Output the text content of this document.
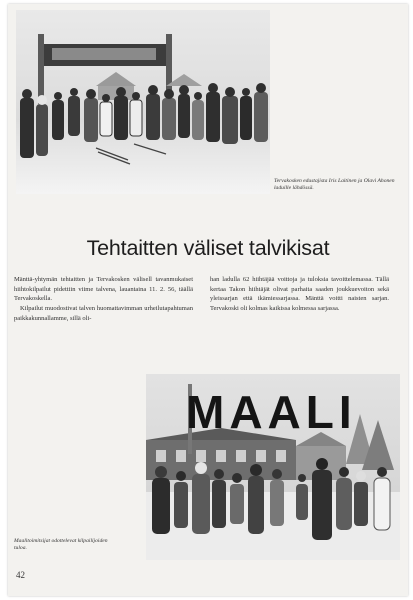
Tervakosken edustajista Iris Laitinen ja Olavi Ahonen laduille lähdössä.
Tehtaitten väliset talvikisat

Mänttä-yhtymän tehtaitten ja Tervakosken välisell tavanmukaiset hiihtokilpailut pidettiin viime talvena, lauantaina 11. 2. 56, täällä Tervakoskella.

Kilpailut muodostivat talven huomattavimman urheilutapahtuman paikkakunnallamme, sillä oli-

han ladulla 62 hiihtäjää voittoja ja tuloksia tavoittelemassa. Tällä kertaa Takon hiihtäjät olivat parhaita saaden joukkuevoiton sekä yleissarjan että ikämiessarjassa. Mänttä voitti naisten sarjan. Tervakoski oli kolmas kaikissa kolmessa sarjassa.

MAALI
Maalitoimitsijat odottelevat kilpailijoiden tuloa.
42
